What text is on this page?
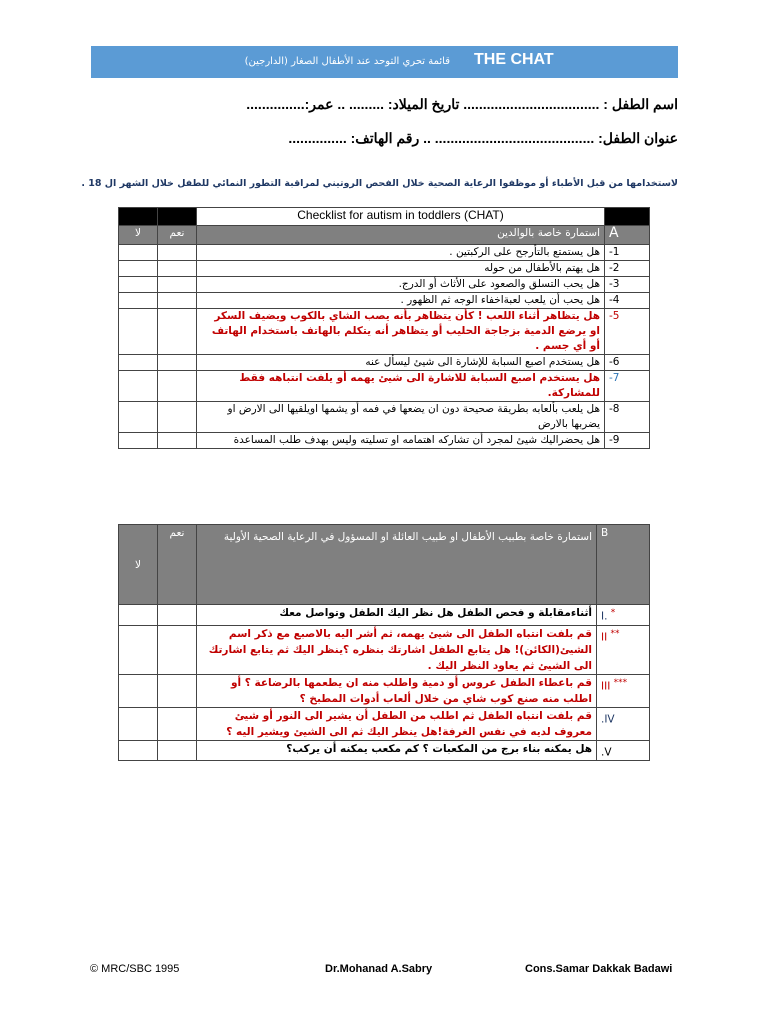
THE CHAT
قائمة تحري التوحد عند الأطفال الصغار (الدارجين)
اسم الطفل : ................................... تاريخ الميلاد: ......... .. عمر:...............
عنوان الطفل: ......................................... .. رقم الهاتف: ...............
لاستخدامها من قبل الأطباء أو موظفوا الرعاية الصحية خلال الفحص الروتيني لمراقبة التطور النمائي للطفل خلال الشهر ال 18 .
		Checklist for autism in toddlers (CHAT)	
لا	نعم	استمارة خاصة بالوالدين	A
		هل يستمتع بالتأرجح على الركبتين .	-1
		هل يهتم بالأطفال من حوله	-2
		هل يحب التسلق والصعود على الأثاث أو الدرج.	-3
		هل يحب أن يلعب لعبةاخفاء الوجه ثم الظهور .	-4
		هل يتظاهر أثناء اللعب ! كأن يتظاهر بأنه يصب الشاي بالكوب ويضيف السكر او يرضع الدمية بزجاجة الحليب أو يتظاهر أنه يتكلم بالهاتف باستخدام الهاتف أو أي جسم .	-5
		هل يستخدم اصبع السبابة للإشارة الى شيئ ليسأل عنه	-6
		هل يستخدم اصبع السبابة للاشارة الى شيئ يهمه أو يلفت انتباهه فقط للمشاركة.	-7
		هل يلعب بألعابه بطريقة صحيحة دون ان يضعها في فمه أو يشمها اويلقيها الى الارض او يضربها بالارض	-8
		هل يحضراليك شيئ لمجرد أن تشاركه اهتمامه او تسليته وليس بهدف طلب المساعدة	-9
لا	نعم	استمارة خاصة بطبيب الأطفال او طبيب العائلة او المسؤول في الرعاية الصحية الأولية	B
		أثناءمقابلة و فحص الطفل هل نظر اليك الطفل وتواصل معك	I. *
		قم بلفت انتباه الطفل الى شيئ يهمه، ثم أشر اليه بالاصبع مع ذكر اسم الشيئ(الكائن)! هل يتابع الطفل اشارتك بنظره ؟ينظر اليك ثم يتابع اشارتك الى الشيئ ثم يعاود النظر اليك .	II **
		قم باعطاء الطفل عروس أو دمية واطلب منه ان يطعمها بالرضاعة ؟ أو اطلب منه صنع كوب شاي من خلال ألعاب أدوات المطبخ ؟	III ***
		قم بلفت انتباه الطفل ثم اطلب من الطفل أن يشير الى النور أو شيئ معروف لديه في نفس الغرفة!هل ينظر اليك ثم الى الشيئ ويشير اليه ؟	.IV
		هل يمكنه بناء برج من المكعبات ؟ كم مكعب يمكنه أن يركب؟	.V
© MRC/SBC 1995	Dr.Mohanad A.Sabry	Cons.Samar Dakkak Badawi
